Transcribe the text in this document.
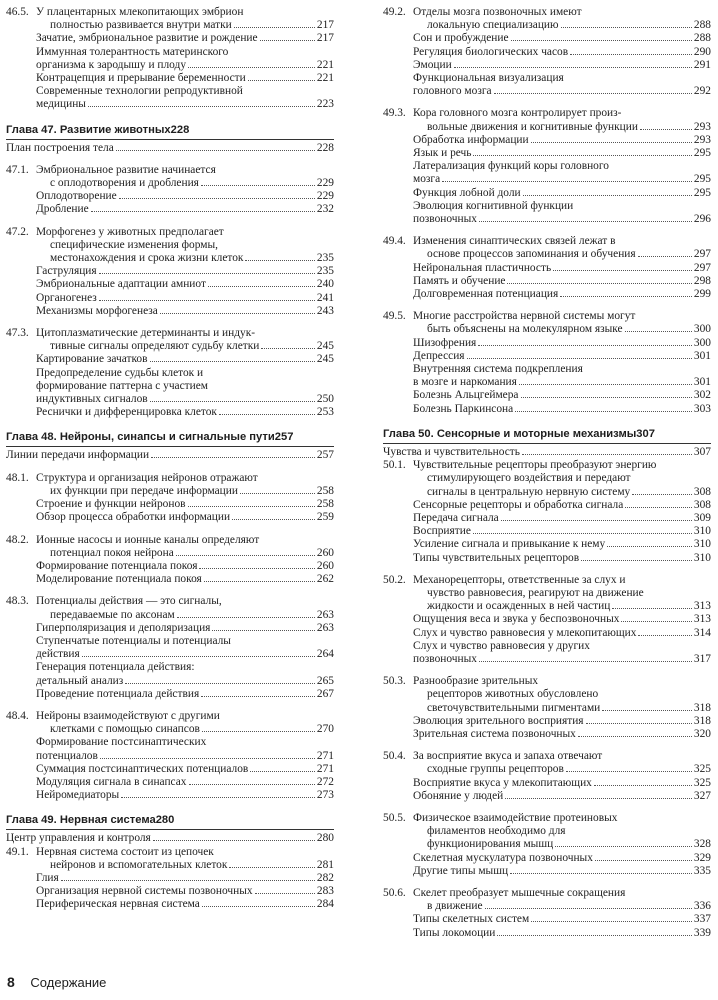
46.5. У плацентарных млекопитающих эмбрион
полностью развивается внутри матки	217
Зачатие, эмбриональное развитие и рождение	217
Иммунная толерантность материнского
организма к зародышу и плоду	221
Контрацепция и прерывание беременности	221
Современные технологии репродуктивной
медицины	223
Глава 47. Развитие животных228
План построения тела	228
47.1. Эмбриональное развитие начинается
с оплодотворения и дробления	229
Оплодотворение	229
Дробление	232
47.2. Морфогенез у животных предполагает
специфические изменения формы,
местонахождения и срока жизни клеток	235
Гаструляция	235
Эмбриональные адаптации амниот	240
Органогенез	241
Механизмы морфогенеза	243
47.3. Цитоплазматические детерминанты и индук-
тивные сигналы определяют судьбу клетки	245
Картирование зачатков	245
Предопределение судьбы клеток и
формирование паттерна с участием
индуктивных сигналов	250
Реснички и дифференцировка клеток	253
Глава 48. Нейроны, синапсы и сигнальные пути257
Линии передачи информации	257
48.1. Структура и организация нейронов отражают
их функции при передаче информации	258
Строение и функции нейронов	258
Обзор процесса обработки информации	259
48.2. Ионные насосы и ионные каналы определяют
потенциал покоя нейрона	260
Формирование потенциала покоя	260
Моделирование потенциала покоя	262
48.3. Потенциалы действия — это сигналы,
передаваемые по аксонам	263
Гиперполяризация и деполяризация	263
Ступенчатые потенциалы и потенциалы
действия	264
Генерация потенциала действия:
детальный анализ	265
Проведение потенциала действия	267
48.4. Нейроны взаимодействуют с другими
клетками с помощью синапсов	270
Формирование постсинаптических
потенциалов	271
Суммация постсинаптических потенциалов	271
Модуляция сигнала в синапсах	272
Нейромедиаторы	273
Глава 49. Нервная система280
Центр управления и контроля	280
49.1. Нервная система состоит из цепочек
нейронов и вспомогательных клеток	281
Глия	282
Организация нервной системы позвоночных	283
Периферическая нервная система	284
49.2. Отделы мозга позвоночных имеют
локальную специализацию	288
Сон и пробуждение	288
Регуляция биологических часов	290
Эмоции	291
Функциональная визуализация
головного мозга	292
49.3. Кора головного мозга контролирует произ-
вольные движения и когнитивные функции	293
Обработка информации	293
Язык и речь	295
Латерализация функций коры головного
мозга	295
Функция лобной доли	295
Эволюция когнитивной функции
позвоночных	296
49.4. Изменения синаптических связей лежат в
основе процессов запоминания и обучения	297
Нейрональная пластичность	297
Память и обучение	298
Долговременная потенциация	299
49.5. Многие расстройства нервной системы могут
быть объяснены на молекулярном языке	300
Шизофрения	300
Депрессия	301
Внутренняя система подкрепления
в мозге и наркомания	301
Болезнь Альцгеймера	302
Болезнь Паркинсона	303
Глава 50. Сенсорные и моторные механизмы307
Чувства и чувствительность	307
50.1. Чувствительные рецепторы преобразуют энергию
стимулирующего воздействия и передают
сигналы в центральную нервную систему	308
Сенсорные рецепторы и обработка сигнала	308
Передача сигнала	309
Восприятие	310
Усиление сигнала и привыкание к нему	310
Типы чувствительных рецепторов	310
50.2. Механорецепторы, ответственные за слух и
чувство равновесия, реагируют на движение
жидкости и осажденных в ней частиц	313
Ощущения веса и звука у беспозвоночных	313
Слух и чувство равновесия у млекопитающих	314
Слух и чувство равновесия у других
позвоночных	317
50.3. Разнообразие зрительных
рецепторов животных обусловлено
светочувствительными пигментами	318
Эволюция зрительного восприятия	318
Зрительная система позвоночных	320
50.4. За восприятие вкуса и запаха отвечают
сходные группы рецепторов	325
Восприятие вкуса у млекопитающих	325
Обоняние у людей	327
50.5. Физическое взаимодействие протеиновых
филаментов необходимо для
функционирования мышц	328
Скелетная мускулатура позвоночных	329
Другие типы мышц	335
50.6. Скелет преобразует мышечные сокращения
в движение	336
Типы скелетных систем	337
Типы локомоции	339
8 Содержание
